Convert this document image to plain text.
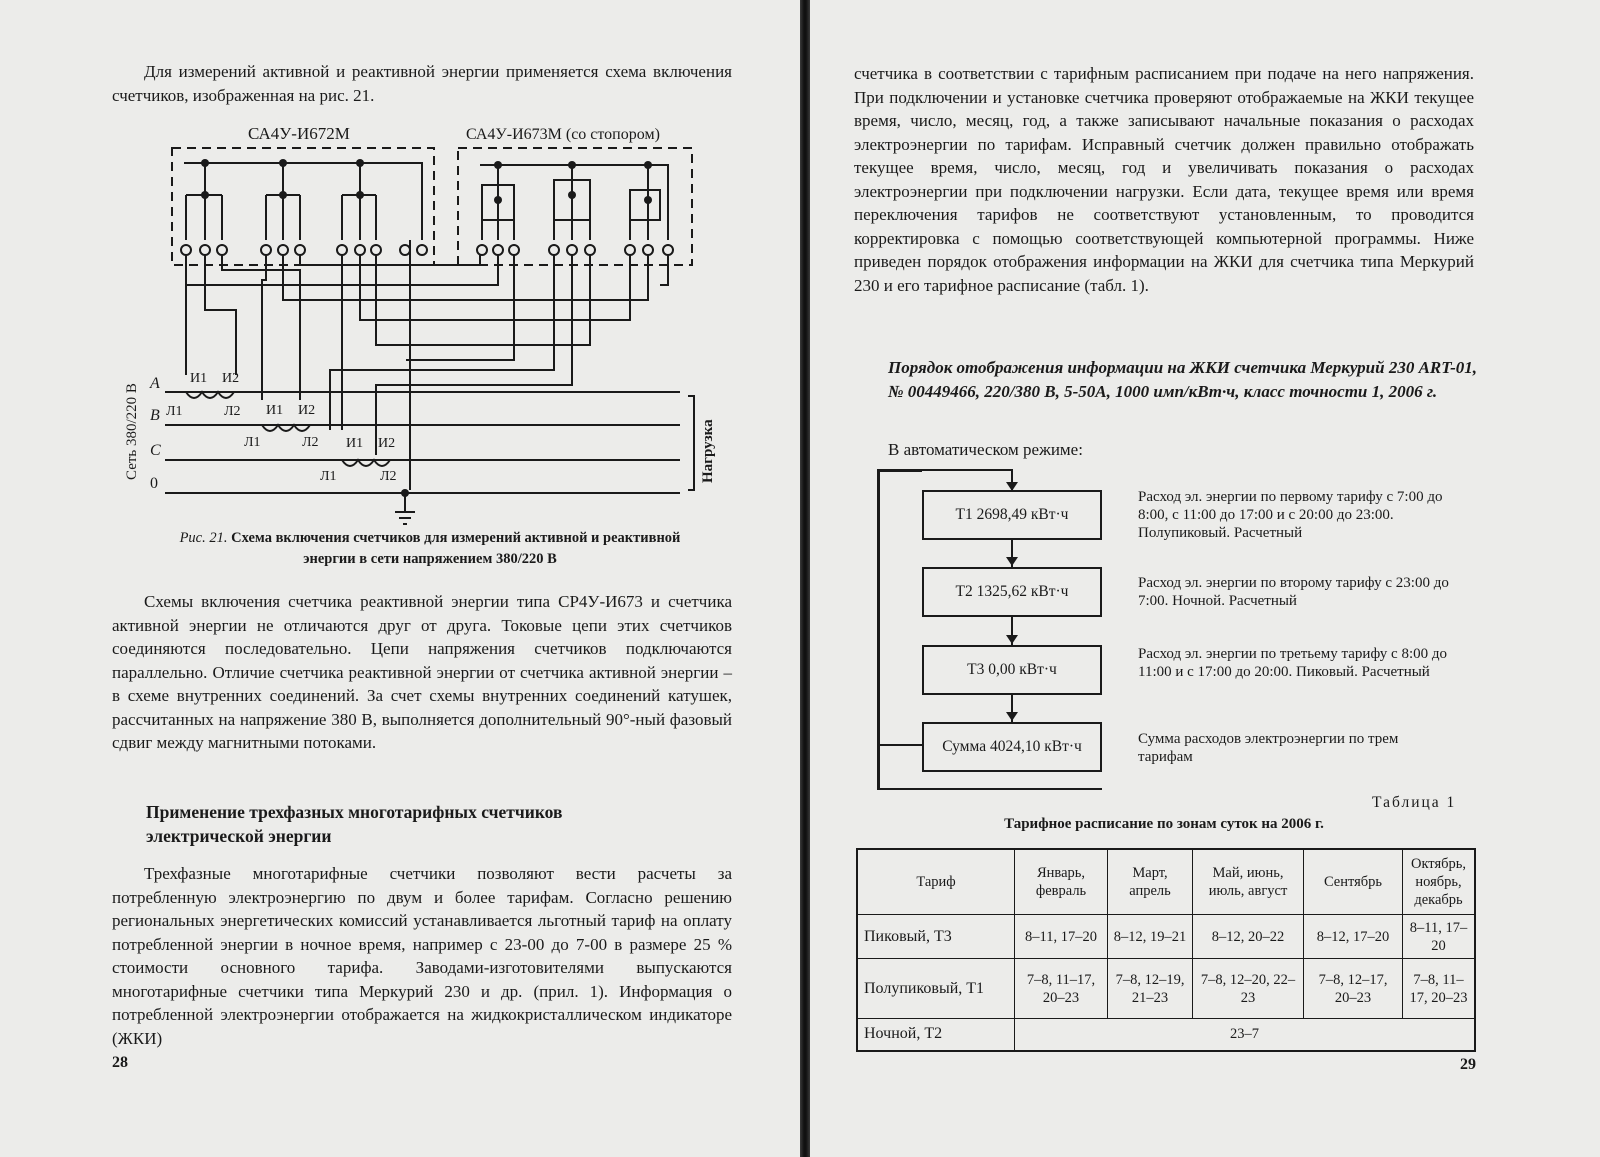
Для измерений активной и реактивной энергии применяется схема включения счетчиков, изображенная на рис. 21.

СА4У-И672М	СА4У-И673М (со стопором)
А
В
С
0
Сеть 380/220 В	Нагрузка
И1 И2
Л1	Л2 И1 И2
Л1	Л2 И1 И2
Л1	Л2

Рис. 21. Схема включения счетчиков для измерений активной и реактивной энергии в сети напряжением 380/220 В

Схемы включения счетчика реактивной энергии типа СР4У-И673 и счетчика активной энергии не отличаются друг от друга. Токовые цепи этих счетчиков соединяются последовательно. Цепи напряжения счетчиков подключаются параллельно. Отличие счетчика реактивной энергии от счетчика активной энергии – в схеме внутренних соединений. За счет схемы внутренних соединений катушек, рассчитанных на напряжение 380 В, выполняется дополнительный 90°-ный фазовый сдвиг между магнитными потоками.

Применение трехфазных многотарифных счетчиков электрической энергии

Трехфазные многотарифные счетчики позволяют вести расчеты за потребленную электроэнергию по двум и более тарифам. Согласно решению региональных энергетических комиссий устанавливается льготный тариф на оплату потребленной энергии в ночное время, например с 23-00 до 7-00 в размере 25 % стоимости основного тарифа. Заводами-изготовителями выпускаются многотарифные счетчики типа Меркурий 230 и др. (прил. 1). Информация о потребленной электроэнергии отображается на жидкокристаллическом индикаторе (ЖКИ)

28

счетчика в соответствии с тарифным расписанием при подаче на него напряжения. При подключении и установке счетчика проверяют отображаемые на ЖКИ текущее время, число, месяц, год, а также записывают начальные показания о расходах электроэнергии по тарифам. Исправный счетчик должен правильно отображать текущее время, число, месяц, год и увеличивать показания о расходах электроэнергии при подключении нагрузки. Если дата, текущее время или время переключения тарифов не соответствуют установленным, то проводится корректировка с помощью соответствующей компьютерной программы. Ниже приведен порядок отображения информации на ЖКИ для счетчика типа Меркурий 230 и его тарифное расписание (табл. 1).

Порядок отображения информации на ЖКИ счетчика Меркурий 230 ART-01, № 00449466, 220/380 В, 5-50А, 1000 имп/кВт·ч, класс точности 1, 2006 г.

В автоматическом режиме:

Т1 2698,49 кВт·ч
Т2 1325,62 кВт·ч
Т3 0,00 кВт·ч
Сумма 4024,10 кВт·ч

Расход эл. энергии по первому тарифу с 7:00 до 8:00, с 11:00 до 17:00 и с 20:00 до 23:00. Полупиковый. Расчетный

Расход эл. энергии по второму тарифу с 23:00 до 7:00. Ночной. Расчетный

Расход эл. энергии по третьему тарифу с 8:00 до 11:00 и с 17:00 до 20:00. Пиковый. Расчетный

Сумма расходов электроэнергии по трем тарифам

Таблица 1
Тарифное расписание по зонам суток на 2006 г.
Тариф	Январь, февраль	Март, апрель	Май, июнь, июль, август	Сентябрь	Октябрь, ноябрь, декабрь
Пиковый, Т3	8–11, 17–20	8–12, 19–21	8–12, 20–22	8–12, 17–20	8–11, 17–20
Полупиковый, Т1	7–8, 11–17, 20–23	7–8, 12–19, 21–23	7–8, 12–20, 22–23	7–8, 12–17, 20–23	7–8, 11–17, 20–23
Ночной, Т2	23–7				
29
